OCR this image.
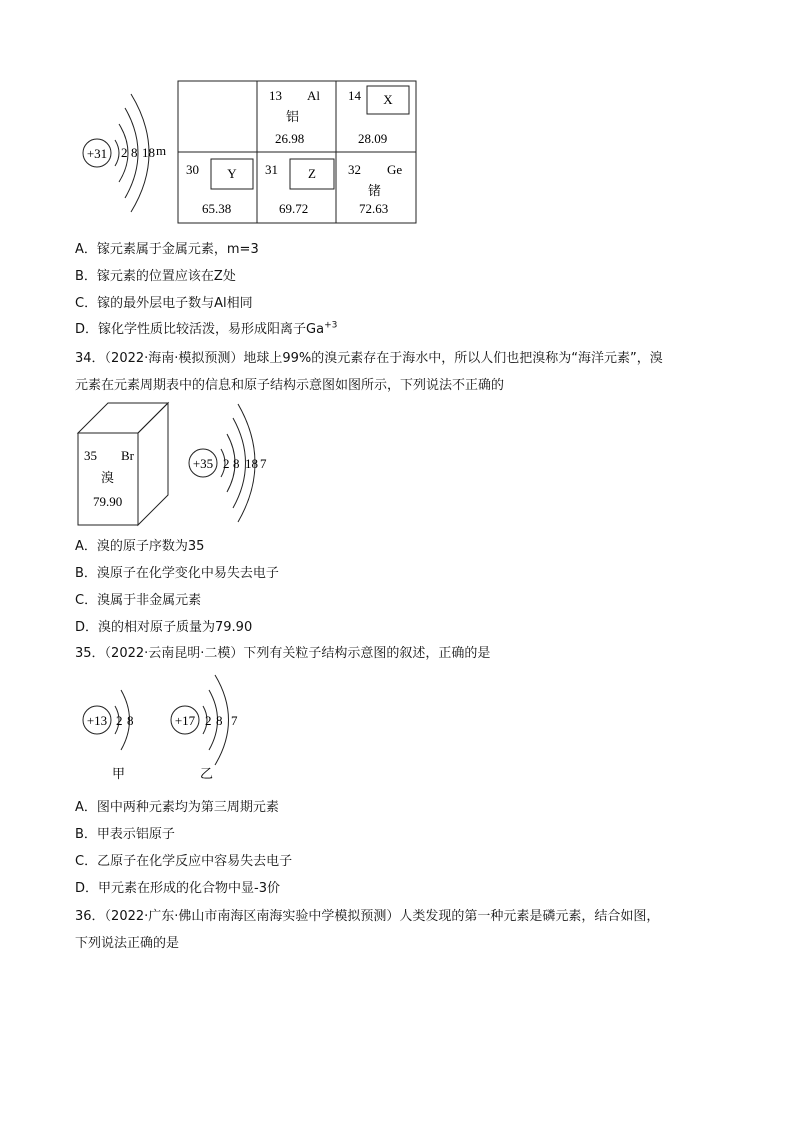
+31 2 8 18 m
13 Al
铝
26.98
14 X
28.09
30 Y
65.38
31 Z
69.72
32 Ge
锗
72.63
A．镓元素属于金属元素，m=3
B．镓元素的位置应该在Z处
C．镓的最外层电子数与Al相同
D．镓化学性质比较活泼，易形成阳离子$Ga^{+3}$
34．（2022·海南·模拟预测）地球上99%的溴元素存在于海水中，所以人们也把溴称为“海洋元素”，溴
元素在元素周期表中的信息和原子结构示意图如图所示，下列说法不正确的
35 Br
溴
79.90
+35 2 8 18 7
A．溴的原子序数为35
B．溴原子在化学变化中易失去电子
C．溴属于非金属元素
D．溴的相对原子质量为79.90
35．（2022·云南昆明·二模）下列有关粒子结构示意图的叙述，正确的是
+13 2 8
甲
+17 2 8 7
乙
A．图中两种元素均为第三周期元素
B．甲表示铝原子
C．乙原子在化学反应中容易失去电子
D．甲元素在形成的化合物中显-3价
36．（2022·广东·佛山市南海区南海实验中学模拟预测）人类发现的第一种元素是磷元素，结合如图，
下列说法正确的是
